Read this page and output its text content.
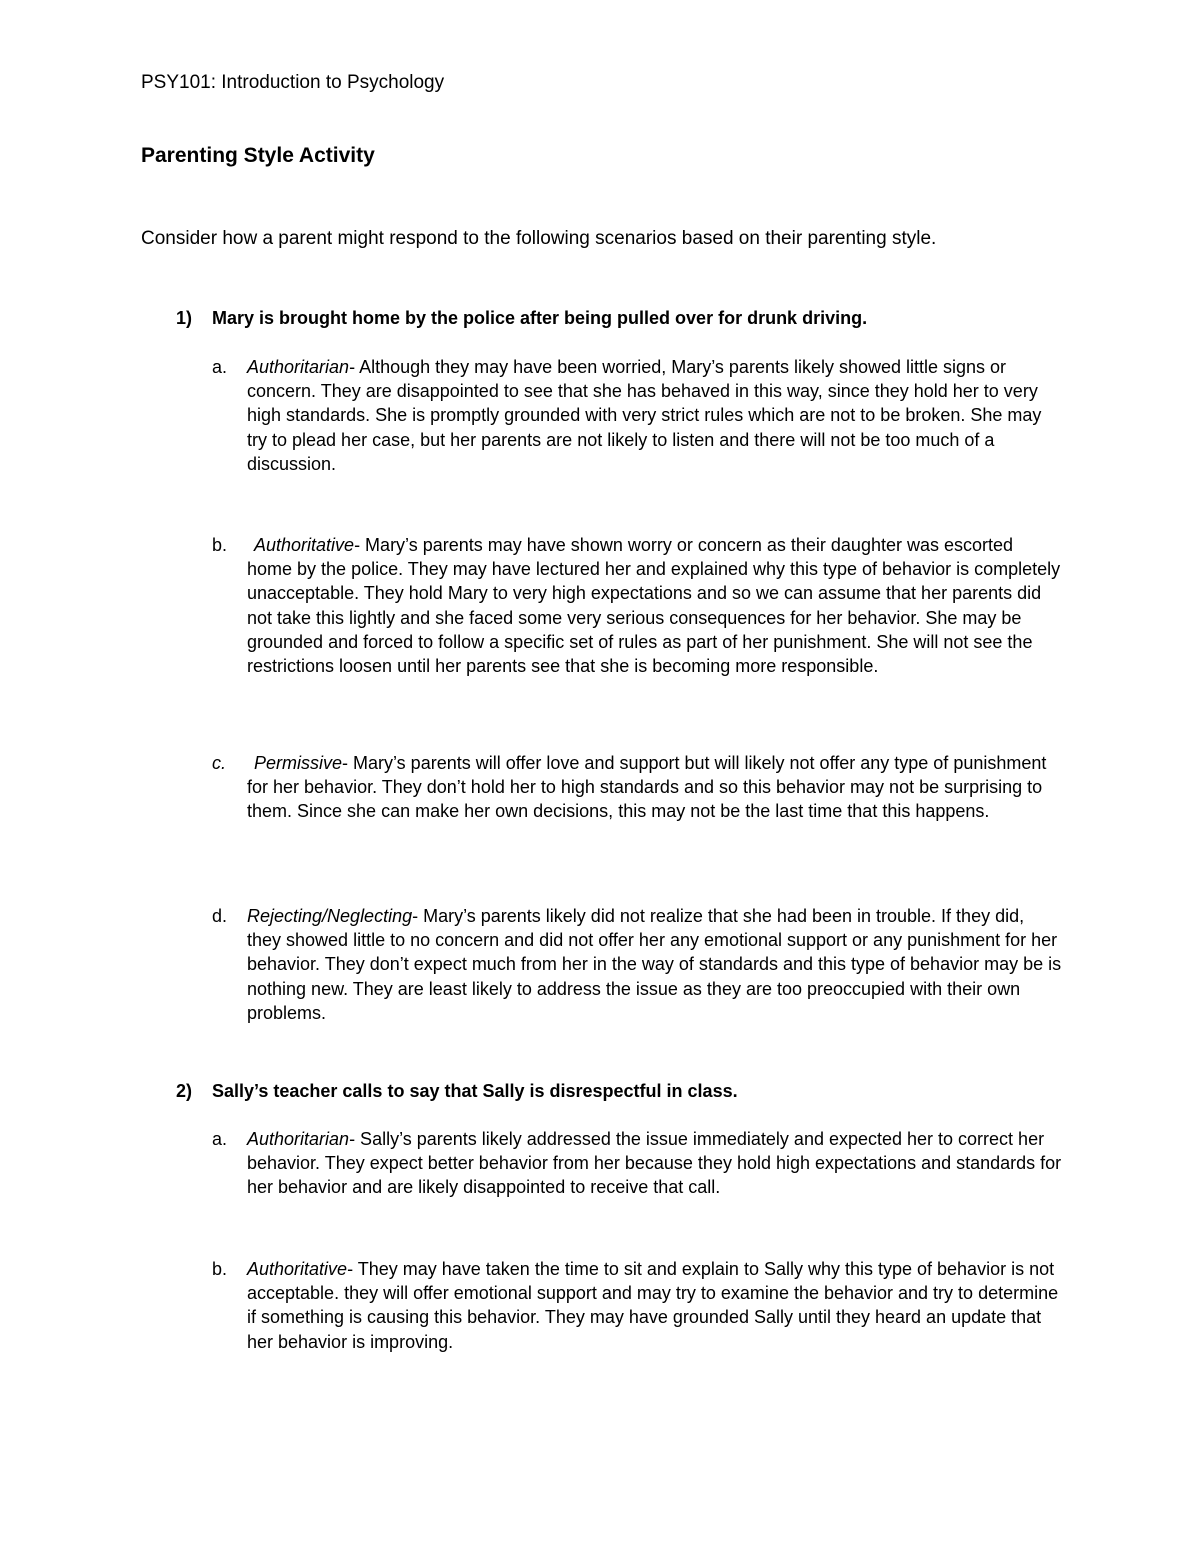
PSY101: Introduction to Psychology
Parenting Style Activity
Consider how a parent might respond to the following scenarios based on their parenting style.
1) Mary is brought home by the police after being pulled over for drunk driving.
a. Authoritarian- Although they may have been worried, Mary’s parents likely showed little signs or concern. They are disappointed to see that she has behaved in this way, since they hold her to very high standards. She is promptly grounded with very strict rules which are not to be broken. She may try to plead her case, but her parents are not likely to listen and there will not be too much of a discussion.
b.	Authoritative- Mary’s parents may have shown worry or concern as their daughter was escorted home by the police. They may have lectured her and explained why this type of behavior is completely unacceptable. They hold Mary to very high expectations and so we can assume that her parents did not take this lightly and she faced some very serious consequences for her behavior. She may be grounded and forced to follow a specific set of rules as part of her punishment. She will not see the restrictions loosen until her parents see that she is becoming more responsible.
c.	Permissive- Mary’s parents will offer love and support but will likely not offer any type of punishment for her behavior. They don’t hold her to high standards and so this behavior may not be surprising to them. Since she can make her own decisions, this may not be the last time that this happens.
d. Rejecting/Neglecting- Mary’s parents likely did not realize that she had been in trouble. If they did, they showed little to no concern and did not offer her any emotional support or any punishment for her behavior. They don’t expect much from her in the way of standards and this type of behavior may be is nothing new. They are least likely to address the issue as they are too preoccupied with their own problems.
2) Sally’s teacher calls to say that Sally is disrespectful in class.
a. Authoritarian- Sally’s parents likely addressed the issue immediately and expected her to correct her behavior. They expect better behavior from her because they hold high expectations and standards for her behavior and are likely disappointed to receive that call.
b. Authoritative- They may have taken the time to sit and explain to Sally why this type of behavior is not acceptable. they will offer emotional support and may try to examine the behavior and try to determine if something is causing this behavior. They may have grounded Sally until they heard an update that her behavior is improving.
